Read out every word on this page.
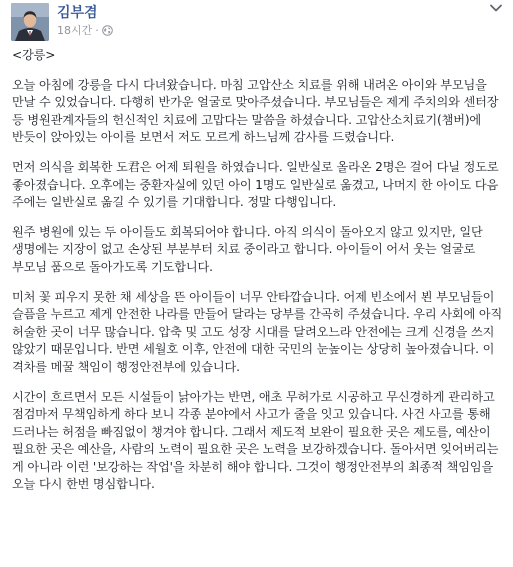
김부겸
18시간 ·

<강릉>

오늘 아침에 강릉을 다시 다녀왔습니다. 마침 고압산소 치료를 위해 내려온 아이와 부모님을 만날 수 있었습니다. 다행히 반가운 얼굴로 맞아주셨습니다. 부모님들은 제게 주치의와 센터장 등 병원관계자들의 헌신적인 치료에 고맙다는 말씀을 하셨습니다. 고압산소치료기(챔버)에 반듯이 앉아있는 아이를 보면서 저도 모르게 하느님께 감사를 드렸습니다.

먼저 의식을 회복한 도君은 어제 퇴원을 하였습니다. 일반실로 올라온 2명은 걸어 다닐 정도로 좋아졌습니다. 오후에는 중환자실에 있던 아이 1명도 일반실로 옮겼고, 나머지 한 아이도 다음 주에는 일반실로 옮길 수 있기를 기대합니다. 정말 다행입니다.

원주 병원에 있는 두 아이들도 회복되어야 합니다. 아직 의식이 돌아오지 않고 있지만, 일단 생명에는 지장이 없고 손상된 부분부터 치료 중이라고 합니다. 아이들이 어서 웃는 얼굴로 부모님 품으로 돌아가도록 기도합니다.

미처 꽃 피우지 못한 채 세상을 뜬 아이들이 너무 안타깝습니다. 어제 빈소에서 뵌 부모님들이 슬픔을 누르고 제게 안전한 나라를 만들어 달라는 당부를 간곡히 주셨습니다. 우리 사회에 아직 허술한 곳이 너무 많습니다. 압축 및 고도 성장 시대를 달려오느라 안전에는 크게 신경을 쓰지 않았기 때문입니다. 반면 세월호 이후, 안전에 대한 국민의 눈높이는 상당히 높아졌습니다. 이 격차를 메꿀 책임이 행정안전부에 있습니다.

시간이 흐르면서 모든 시설들이 낡아가는 반면, 애초 무허가로 시공하고 무신경하게 관리하고 점검마저 무책임하게 하다 보니 각종 분야에서 사고가 줄을 잇고 있습니다. 사건 사고를 통해 드러나는 허점을 빠짐없이 챙겨야 합니다. 그래서 제도적 보완이 필요한 곳은 제도를, 예산이 필요한 곳은 예산을, 사람의 노력이 필요한 곳은 노력을 보강하겠습니다. 돌아서면 잊어버리는 게 아니라 이런 '보강하는 작업'을 차분히 해야 합니다. 그것이 행정안전부의 최종적 책임임을 오늘 다시 한번 명심합니다.
